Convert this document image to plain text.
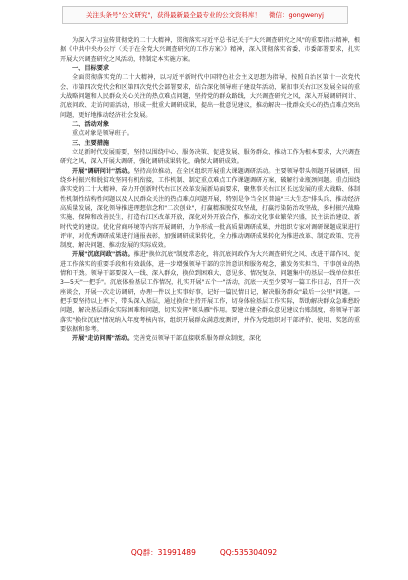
关注头条号"公文研究"，获得最新最全最专业的公文资料库！ 微信：gongwenyj

为深入学习宣传贯彻党的二十大精神，贯彻落实习近平总书记关于"大兴调查研究之风"的重要指示精神，根据《中共中央办公厅〈关于在全党大兴调查研究的工作方案〉》精神，深入贯彻落实省委、市委部署要求，扎实开展大兴调查研究之风活动，特制定本实施方案。

一、目标要求

全面贯彻落实党的二十大精神，以习近平新时代中国特色社会主义思想为指导，按照自治区第十一次党代会、市第四次党代会和区第四次党代会部署要求，结合深化领导班子建设年活动，紧扣事关右江区发展全局的重大战略问题和人民群众关心关注的热点难点问题，坚持党的群众路线，大兴调查研究之风，深入开展调研问计、沉底问政、走访问需活动，形成一批重大调研成果，提出一批意见建议，推动解决一批群众关心的热点难点突出问题，更好地推动经济社会发展。

二、活动对象

重点对象是领导班子。

三、主要措施

立足新时代发展需要，坚持以围绕中心、服务决策、促进发展、服务群众、推动工作为根本要求，大兴调查研究之风，深入开展大调研，强化调研成果转化，确保大调研成效。

开展"调研问计"活动。坚持高位推动，在全区组织开展重大课题调研活动。主要领导带头领题开展调研，围绕乡村振兴和脱贫攻坚同有机衔接，工作机制、制定重点难点工作课题调研方案，破解行业瓶颈问题。重点围绕落实党的二十大精神、奋力开创新时代右江区改革发展新局面要求，聚焦事关右江区长远发展的重大战略、体制性机制性结构性问题以及人民群众关注的热点难点问题开展，特别是争当全区普遍"三大生态"排头兵、推动经济高质量发展，深化领导推进理想信念和"二次创业"，打赢精准脱贫攻坚战，打赢污染防治攻坚战，多村振兴战略实施、保障和改善民生，打造右江区改革开放，深化对外开放合作，推动文化事业繁荣兴盛，民主法治建设、新时代党的建设。优化营商环境等内容开展调研，力争形成一批高质量调研成果，并组织专家对调研课题成果进行评审，对优秀调研成果进行通报表彰，加强调研成果转化，全力推动调研成果转化为推进改革、制定政策、完善制度、解决问题、推动发展的实际成效。

开展"沉底问政"活动。推进"换位沉底"制度常态化，将沉底问政作为大兴调查研究之风、改进干部作风、促进工作落实的重要手段和有效载体，进一步增强领导干部的宗旨意识和服务观念，激发务实担当、干事创业的热情和干劲。领导干部要深入一线、深入群众，换位到困难大、意见多、情况复杂、问题集中的基层一线单位担任3—5天"一把手"。沉底体验基层工作情况，扎实开展"五个一"活动，沉底一天至少要写一篇工作日志，召开一次座谈会，开展一次走访调研，办理一件以上实事好事，记好一篇民情日记，解决服务群众"最后一公里"问题。一把手要坚持以上率下，带头深入基层，通过换位主持开展工作，切身体验基层工作实际，帮助解决群众急难愁盼问题，解决基层群众实际困难和问题，切实发挥"领头雁"作用。要建立健全群众意见建议台账制度，将领导干部落实"换位沉底"情况纳入年度考核内容，组织开展群众满意度测评，并作为党组织对干部评价、使用、奖惩的重要依据和参考。

开展"走访问需"活动。完善党员领导干部直接联系服务群众制度，深化

QQ群：31991489	QQ:535304092
